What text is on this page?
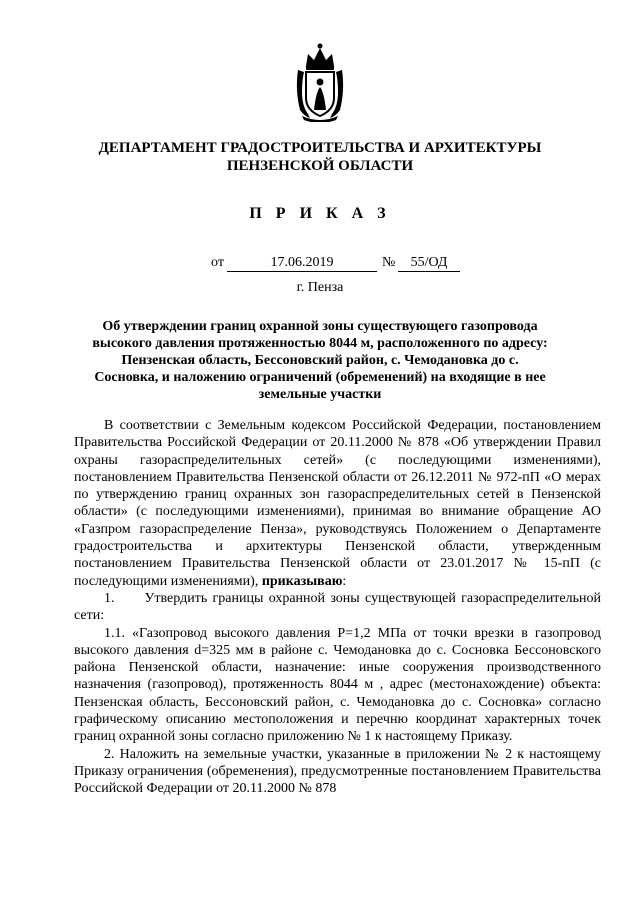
ДЕПАРТАМЕНТ ГРАДОСТРОИТЕЛЬСТВА И АРХИТЕКТУРЫ
ПЕНЗЕНСКОЙ ОБЛАСТИ
П Р И К А З
от	17.06.2019	№	55/ОД
г. Пенза
Об утверждении границ охранной зоны существующего газопровода высокого давления протяженностью 8044 м, расположенного по адресу: Пензенская область, Бессоновский район, с. Чемодановка до с. Сосновка, и наложению ограничений (обременений) на входящие в нее земельные участки

В соответствии с Земельным кодексом Российской Федерации, постановлением Правительства Российской Федерации от 20.11.2000 № 878 «Об утверждении Правил охраны газораспределительных сетей» (с последующими изменениями), постановлением Правительства Пензенской области от 26.12.2011 № 972-пП «О мерах по утверждению границ охранных зон газораспределительных сетей в Пензенской области» (с последующими изменениями), принимая во внимание обращение АО «Газпром газораспределение Пенза», руководствуясь Положением о Департаменте градостроительства и архитектуры Пензенской области, утвержденным постановлением Правительства Пензенской области от 23.01.2017 № 15-пП (с последующими изменениями), приказываю:

1. Утвердить границы охранной зоны существующей газораспределительной сети:

1.1. «Газопровод высокого давления P=1,2 МПа от точки врезки в газопровод высокого давления d=325 мм в районе с. Чемодановка до с. Сосновка Бессоновского района Пензенской области, назначение: иные сооружения производственного назначения (газопровод), протяженность 8044 м , адрес (местонахождение) объекта: Пензенская область, Бессоновский район, с. Чемодановка до с. Сосновка» согласно графическому описанию местоположения и перечню координат характерных точек границ охранной зоны согласно приложению № 1 к настоящему Приказу.

2. Наложить на земельные участки, указанные в приложении № 2 к настоящему Приказу ограничения (обременения), предусмотренные постановлением Правительства Российской Федерации от 20.11.2000 № 878
